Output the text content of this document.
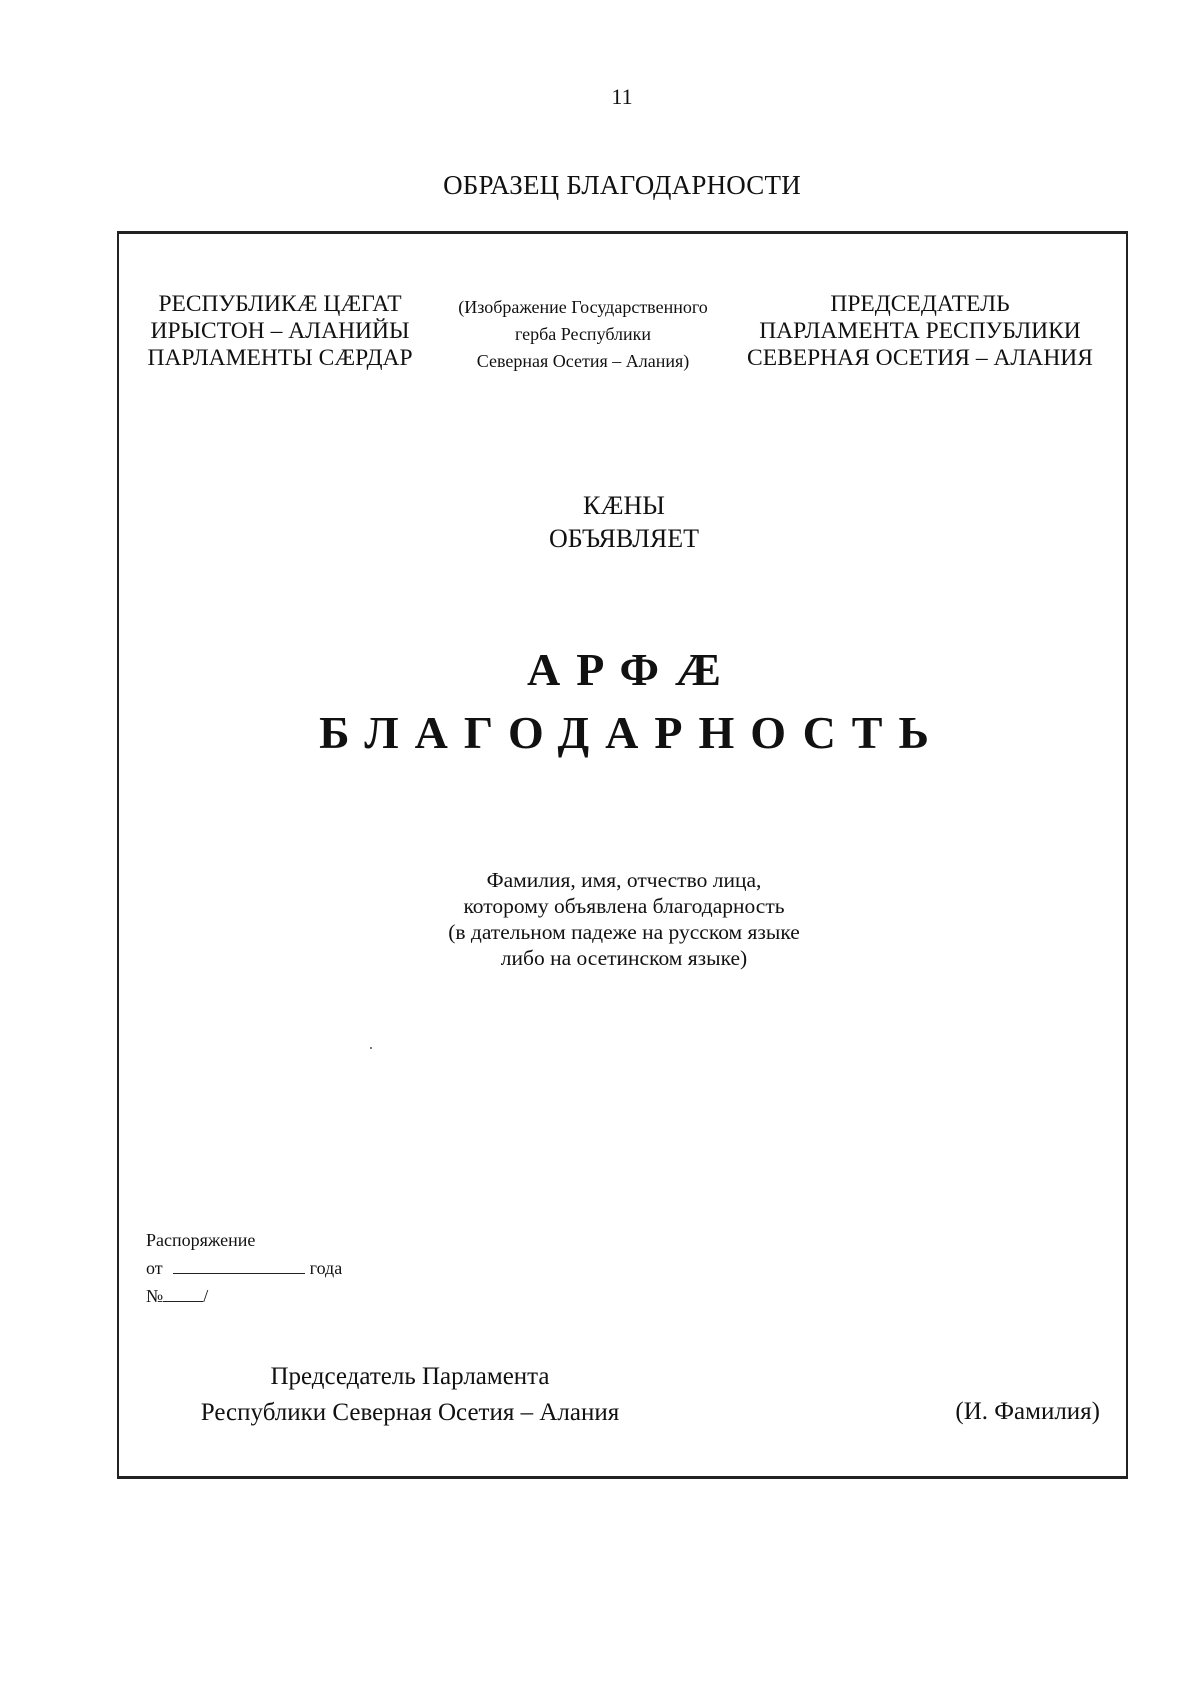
11
ОБРАЗЕЦ БЛАГОДАРНОСТИ
РЕСПУБЛИКӔ ЦӔГАТ
ИРЫСТОН – АЛАНИЙЫ
ПАРЛАМЕНТЫ СӔРДАР
(Изображение Государственного
герба Республики
Северная Осетия – Алания)
ПРЕДСЕДАТЕЛЬ
ПАРЛАМЕНТА РЕСПУБЛИКИ
СЕВЕРНАЯ ОСЕТИЯ – АЛАНИЯ
КӔНЫ
ОБЪЯВЛЯЕТ
АРФӔ
БЛАГОДАРНОСТЬ
Фамилия, имя, отчество лица,
которому объявлена благодарность
(в дательном падеже на русском языке
либо на осетинском языке)
Распоряжение
от	года
№ /
Председатель Парламента
Республики Северная Осетия – Алания	(И. Фамилия)
